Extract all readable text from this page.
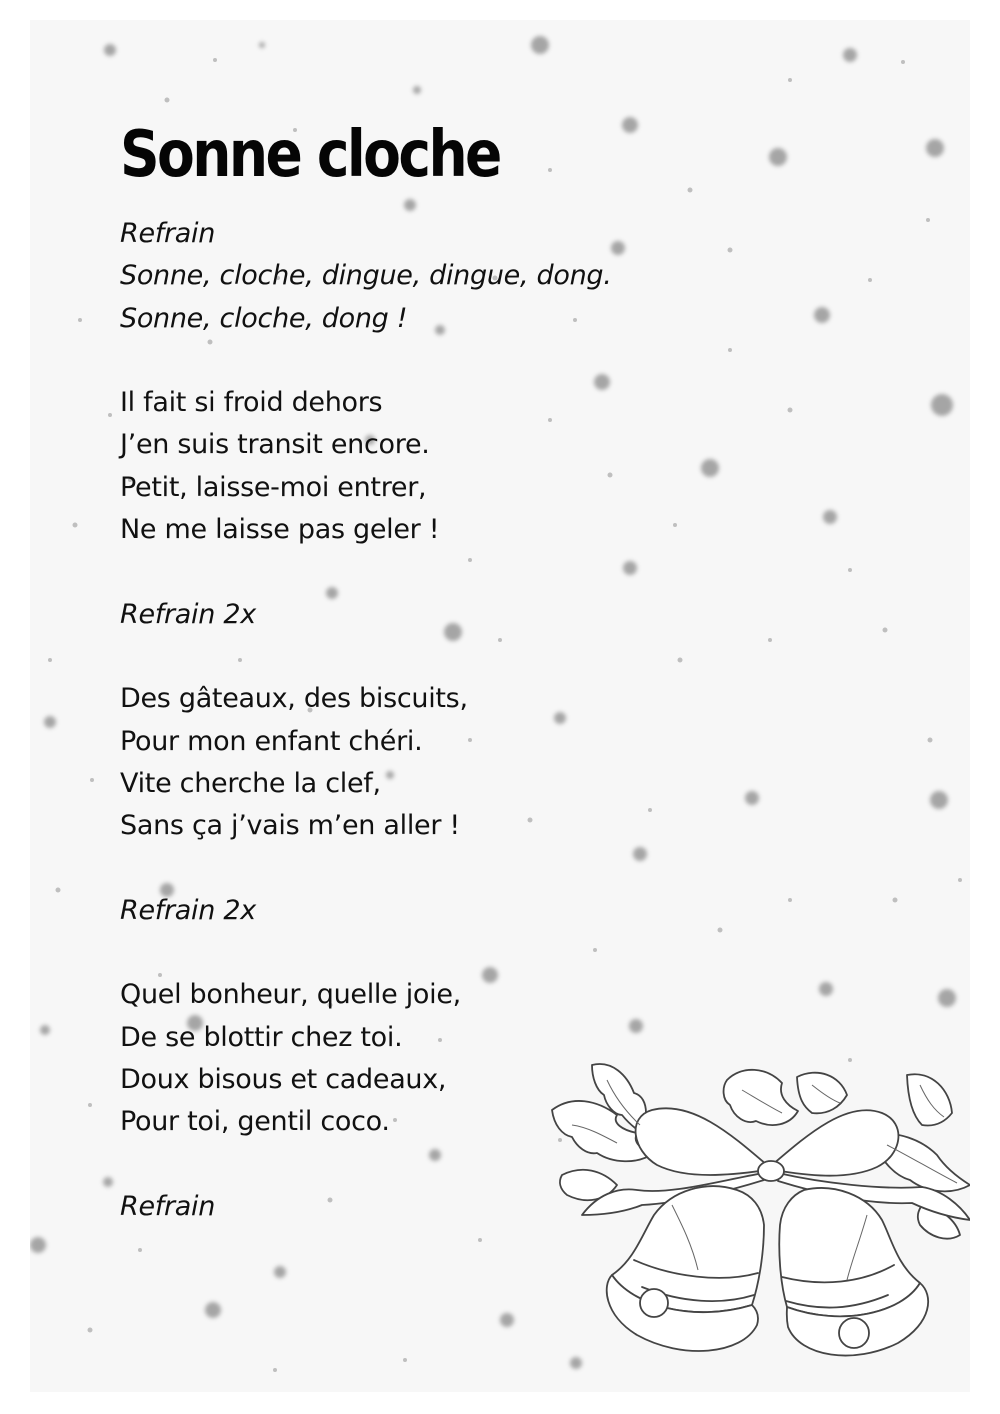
Sonne cloche
Refrain
Sonne, cloche, dingue, dingue, dong.
Sonne, cloche, dong !
Il fait si froid dehors
J’en suis transit encore.
Petit, laisse-moi entrer,
Ne me laisse pas geler !
Refrain 2x
Des gâteaux, des biscuits,
Pour mon enfant chéri.
Vite cherche la clef,
Sans ça j’vais m’en aller !
Refrain 2x
Quel bonheur, quelle joie,
De se blottir chez toi.
Doux bisous et cadeaux,
Pour toi, gentil coco.
Refrain
